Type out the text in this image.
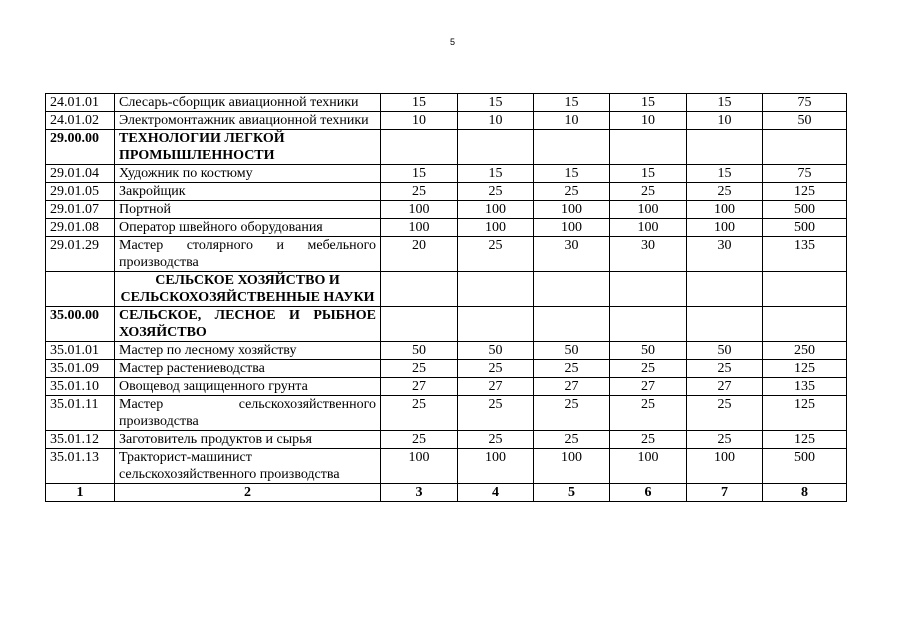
5
24.01.01	Слесарь-сборщик авиационной техники	15	15	15	15	15	75
24.01.02	Электромонтажник авиационной техники	10	10	10	10	10	50
29.00.00	ТЕХНОЛОГИИ ЛЕГКОЙ ПРОМЫШЛЕННОСТИ						
29.01.04	Художник по костюму	15	15	15	15	15	75
29.01.05	Закройщик	25	25	25	25	25	125
29.01.07	Портной	100	100	100	100	100	500
29.01.08	Оператор швейного оборудования	100	100	100	100	100	500
29.01.29	Мастер столярного и мебельного производства	20	25	30	30	30	135
	СЕЛЬСКОЕ ХОЗЯЙСТВО И СЕЛЬСКОХОЗЯЙСТВЕННЫЕ НАУКИ						
35.00.00	СЕЛЬСКОЕ, ЛЕСНОЕ И РЫБНОЕ ХОЗЯЙСТВО						
35.01.01	Мастер по лесному хозяйству	50	50	50	50	50	250
35.01.09	Мастер растениеводства	25	25	25	25	25	125
35.01.10	Овощевод защищенного грунта	27	27	27	27	27	135
35.01.11	Мастер сельскохозяйственного производства	25	25	25	25	25	125
35.01.12	Заготовитель продуктов и сырья	25	25	25	25	25	125
35.01.13	Тракторист-машинист сельскохозяйственного производства	100	100	100	100	100	500
1	2	3	4	5	6	7	8
